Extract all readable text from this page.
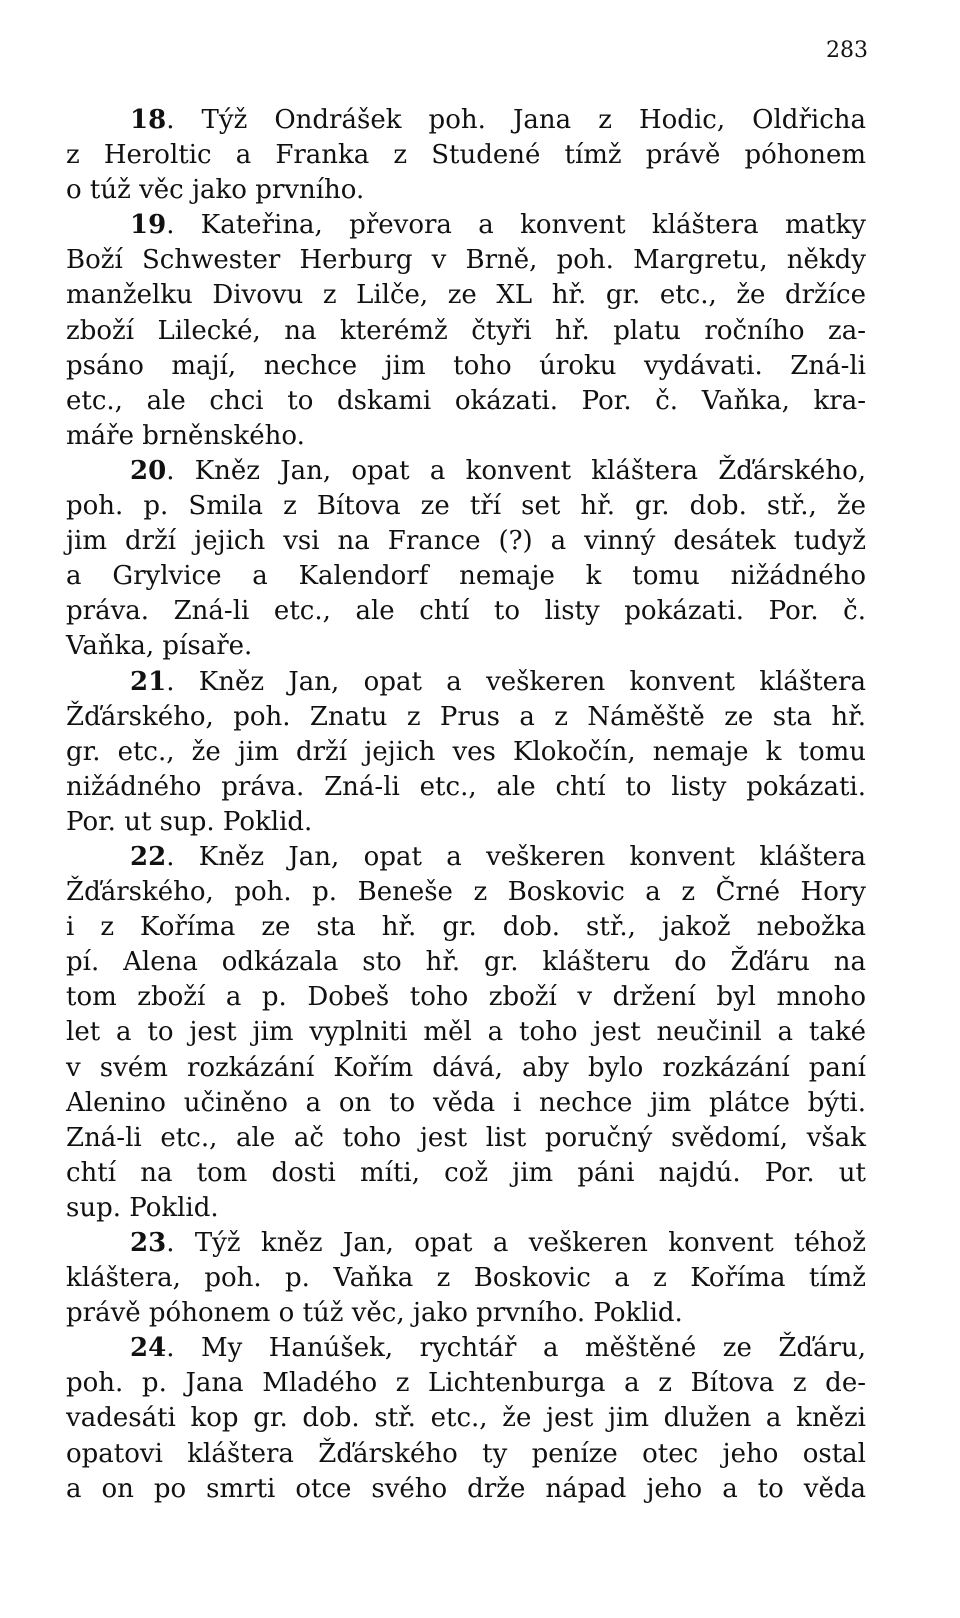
283
18. Týž Ondrášek poh. Jana z Hodic, Oldřicha
z Heroltic a Franka z Studené tímž právě póhonem
o túž věc jako prvního.
19. Kateřina, převora a konvent kláštera matky
Boží Schwester Herburg v Brně, poh. Margretu, někdy
manželku Divovu z Lilče, ze XL hř. gr. etc., že držíce
zboží Lilecké, na kterémž čtyři hř. platu ročního za-
psáno mají, nechce jim toho úroku vydávati. Zná-li
etc., ale chci to dskami okázati. Por. č. Vaňka, kra-
máře brněnského.
20. Kněz Jan, opat a konvent kláštera Žďárského,
poh. p. Smila z Bítova ze tří set hř. gr. dob. stř., že
jim drží jejich vsi na France (?) a vinný desátek tudyž
a Grylvice a Kalendorf nemaje k tomu nižádného
práva. Zná-li etc., ale chtí to listy pokázati. Por. č.
Vaňka, písaře.
21. Kněz Jan, opat a veškeren konvent kláštera
Žďárského, poh. Znatu z Prus a z Náměště ze sta hř.
gr. etc., že jim drží jejich ves Klokočín, nemaje k tomu
nižádného práva. Zná-li etc., ale chtí to listy pokázati.
Por. ut sup. Poklid.
22. Kněz Jan, opat a veškeren konvent kláštera
Žďárského, poh. p. Beneše z Boskovic a z Črné Hory
i z Kořímа ze sta hř. gr. dob. stř., jakož nebožka
pí. Alena odkázala sto hř. gr. klášteru do Žďáru na
tom zboží a p. Dobeš toho zboží v držení byl mnoho
let a to jest jim vyplniti měl a toho jest neučinil a také
v svém rozkázání Kořím dává, aby bylo rozkázání paní
Alenino učiněno a on to věda i nechce jim plátce býti.
Zná-li etc., ale ač toho jest list poručný svědomí, však
chtí na tom dosti míti, což jim páni najdú. Por. ut
sup. Poklid.
23. Týž kněz Jan, opat a veškeren konvent téhož
kláštera, poh. p. Vaňka z Boskovic a z Kořímа tímž
právě póhonem o túž věc, jako prvního. Poklid.
24. My Hanúšek, rychtář a měštěné ze Žďáru,
poh. p. Jana Mladého z Lichtenburga a z Bítova z de-
vadesáti kop gr. dob. stř. etc., že jest jim dlužen a knězi
opatovi kláštera Žďárského ty peníze otec jeho ostal
a on po smrti otce svého drže nápad jeho a to věda
